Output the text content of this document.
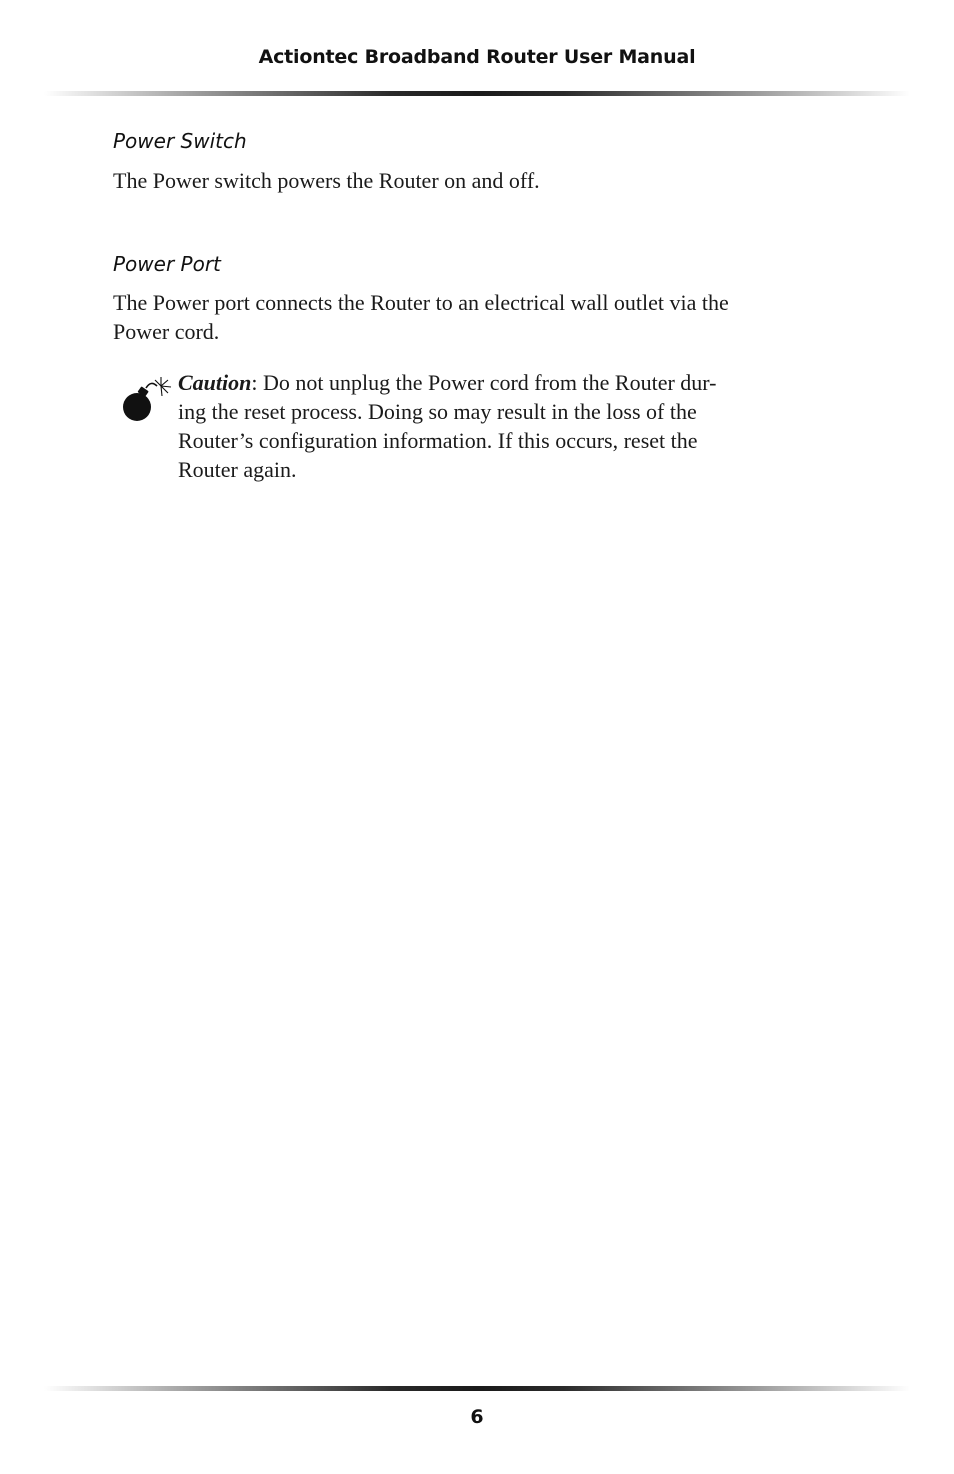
Actiontec Broadband Router User Manual
Power Switch
The Power switch powers the Router on and off.
Power Port
The Power port connects the Router to an electrical wall outlet via the
Power cord.
Caution: Do not unplug the Power cord from the Router dur-
ing the reset process. Doing so may result in the loss of the
Router’s configuration information. If this occurs, reset the
Router again.
6
